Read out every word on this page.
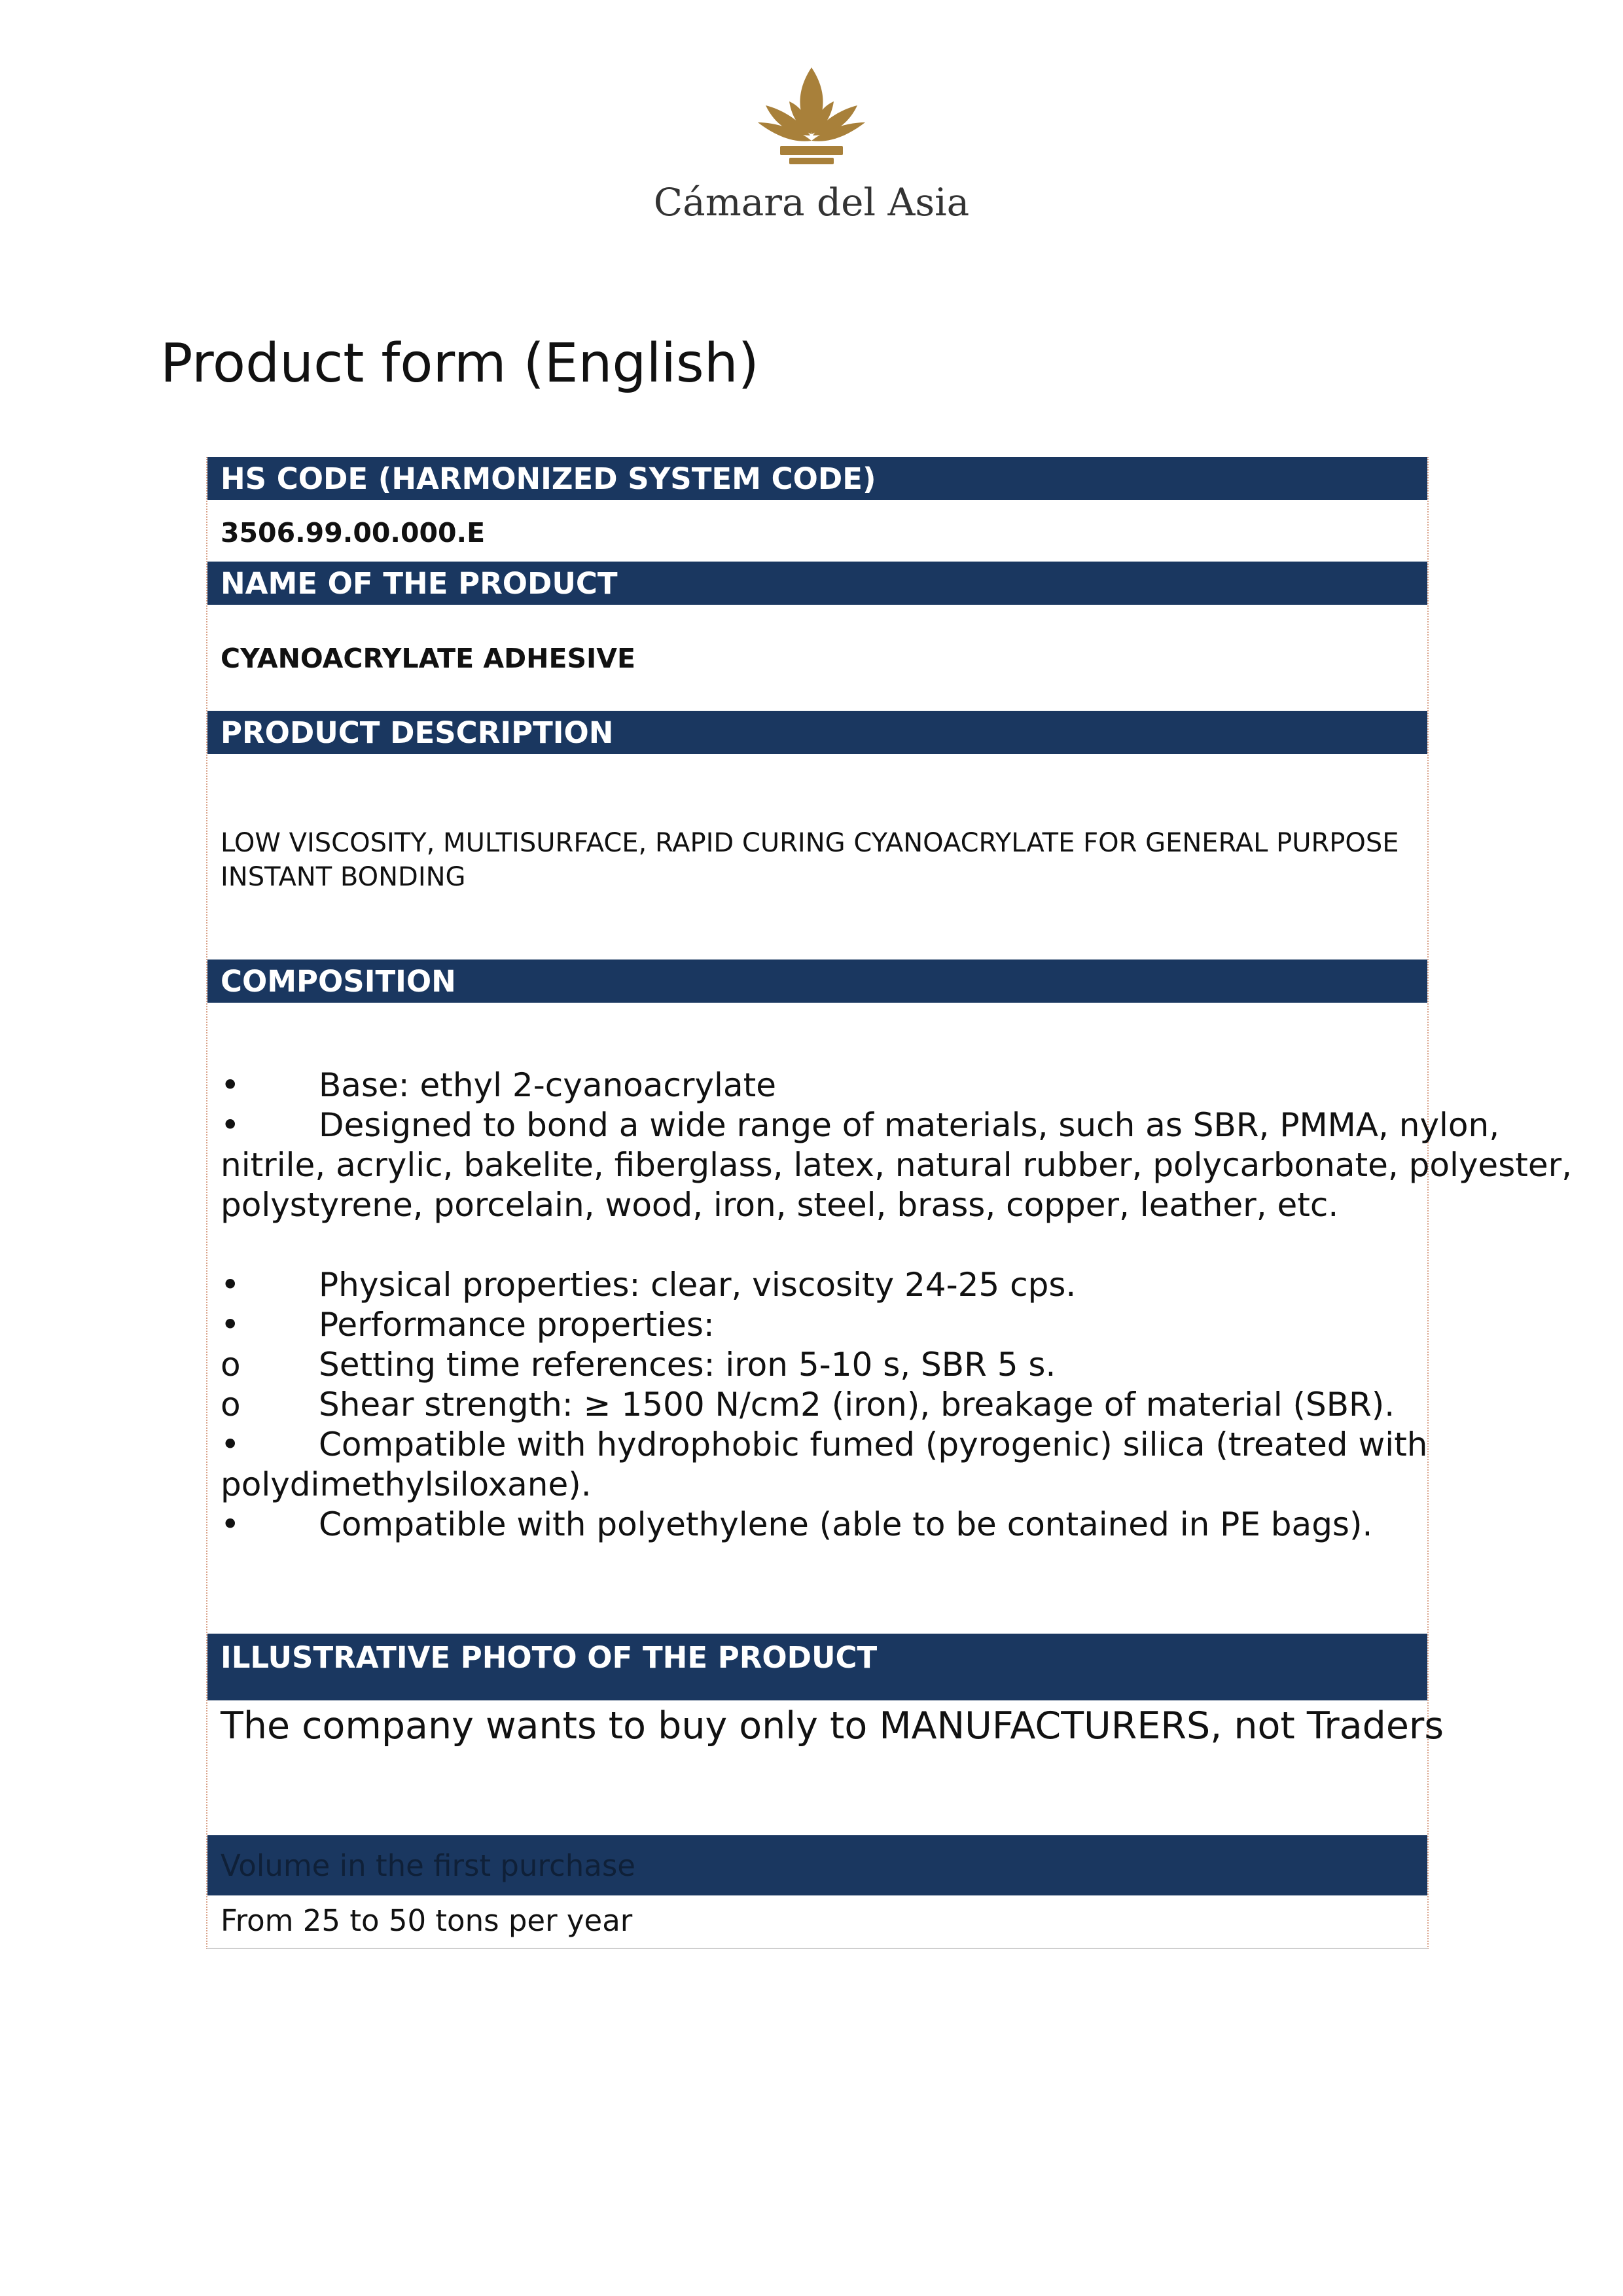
Cámara del Asia
Product form (English)
HS CODE (HARMONIZED SYSTEM CODE)
3506.99.00.000.E
NAME OF THE PRODUCT
CYANOACRYLATE ADHESIVE
PRODUCT DESCRIPTION
LOW VISCOSITY, MULTISURFACE, RAPID CURING CYANOACRYLATE FOR GENERAL PURPOSE
INSTANT BONDING
COMPOSITION
• Base: ethyl 2-cyanoacrylate
• Designed to bond a wide range of materials, such as SBR, PMMA, nylon,
nitrile, acrylic, bakelite, fiberglass, latex, natural rubber, polycarbonate, polyester,
polystyrene, porcelain, wood, iron, steel, brass, copper, leather, etc.
• Physical properties: clear, viscosity 24-25 cps.
• Performance properties:
o Setting time references: iron 5-10 s, SBR 5 s.
o Shear strength: ≥ 1500 N/cm2 (iron), breakage of material (SBR).
• Compatible with hydrophobic fumed (pyrogenic) silica (treated with
polydimethylsiloxane).
• Compatible with polyethylene (able to be contained in PE bags).
ILLUSTRATIVE PHOTO OF THE PRODUCT
The company wants to buy only to MANUFACTURERS, not Traders
Volume in the first purchase
From 25 to 50 tons per year
